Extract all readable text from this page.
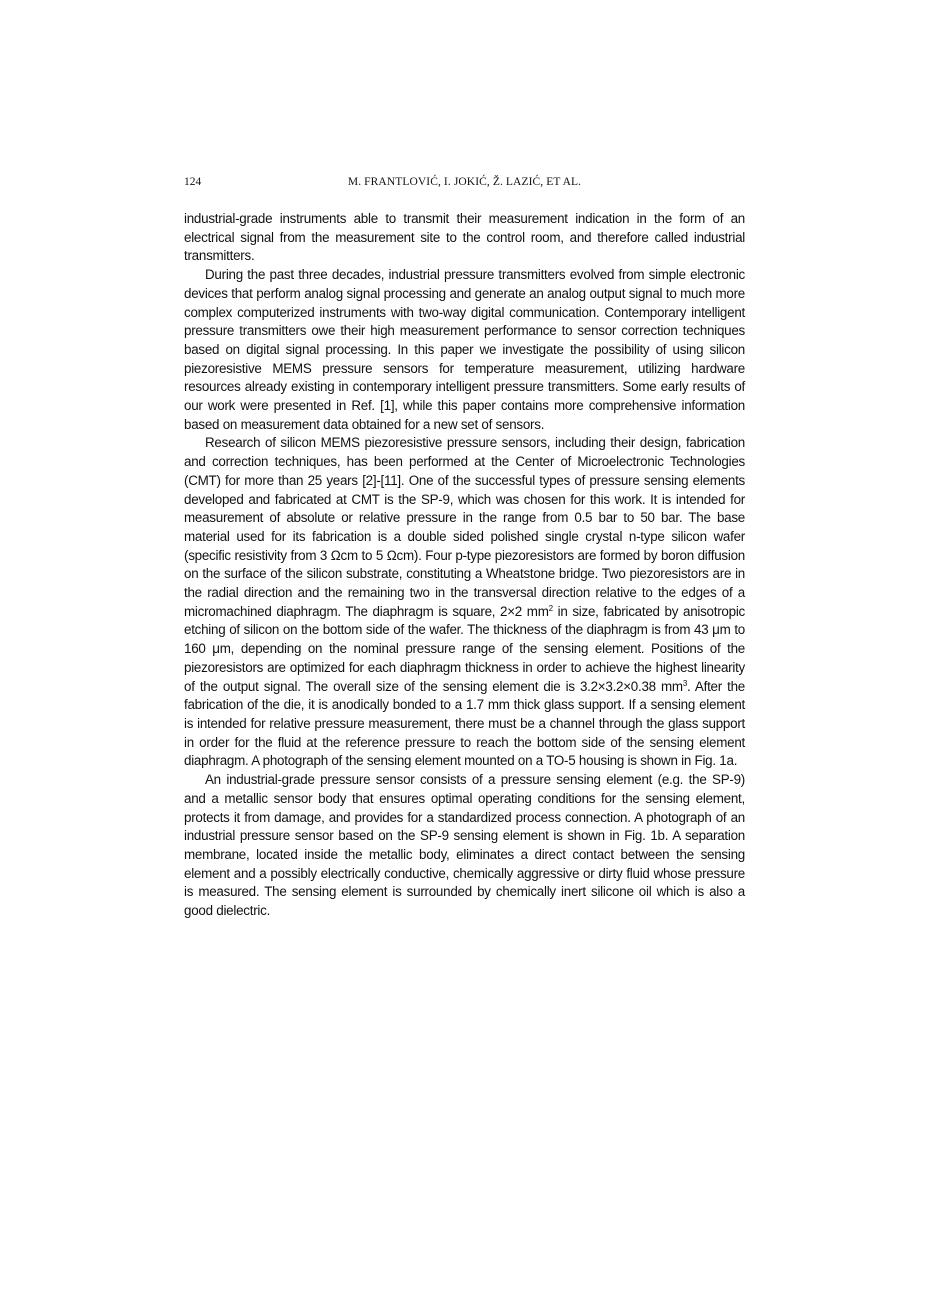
124	M. FRANTLOVIĆ, I. JOKIĆ, Ž. LAZIĆ, ET AL.

industrial-grade instruments able to transmit their measurement indication in the form of an electrical signal from the measurement site to the control room, and therefore called industrial transmitters.

During the past three decades, industrial pressure transmitters evolved from simple electronic devices that perform analog signal processing and generate an analog output signal to much more complex computerized instruments with two-way digital communication. Contemporary intelligent pressure transmitters owe their high measurement performance to sensor correction techniques based on digital signal processing. In this paper we investigate the possibility of using silicon piezoresistive MEMS pressure sensors for temperature measurement, utilizing hardware resources already existing in contemporary intelligent pressure transmitters. Some early results of our work were presented in Ref. [1], while this paper contains more comprehensive information based on measurement data obtained for a new set of sensors.

Research of silicon MEMS piezoresistive pressure sensors, including their design, fabrication and correction techniques, has been performed at the Center of Microelectronic Technologies (CMT) for more than 25 years [2]-[11]. One of the successful types of pressure sensing elements developed and fabricated at CMT is the SP-9, which was chosen for this work. It is intended for measurement of absolute or relative pressure in the range from 0.5 bar to 50 bar. The base material used for its fabrication is a double sided polished single crystal n-type silicon wafer (specific resistivity from 3 Ωcm to 5 Ωcm). Four p-type piezoresistors are formed by boron diffusion on the surface of the silicon substrate, constituting a Wheatstone bridge. Two piezoresistors are in the radial direction and the remaining two in the transversal direction relative to the edges of a micromachined diaphragm. The diaphragm is square, 2×2 $mm^2$ in size, fabricated by anisotropic etching of silicon on the bottom side of the wafer. The thickness of the diaphragm is from 43 μm to 160 μm, depending on the nominal pressure range of the sensing element. Positions of the piezoresistors are optimized for each diaphragm thickness in order to achieve the highest linearity of the output signal. The overall size of the sensing element die is 3.2×3.2×0.38 $mm^3$. After the fabrication of the die, it is anodically bonded to a 1.7 mm thick glass support. If a sensing element is intended for relative pressure measurement, there must be a channel through the glass support in order for the fluid at the reference pressure to reach the bottom side of the sensing element diaphragm. A photograph of the sensing element mounted on a TO-5 housing is shown in Fig. 1a.

An industrial-grade pressure sensor consists of a pressure sensing element (e.g. the SP-9) and a metallic sensor body that ensures optimal operating conditions for the sensing element, protects it from damage, and provides for a standardized process connection. A photograph of an industrial pressure sensor based on the SP-9 sensing element is shown in Fig. 1b. A separation membrane, located inside the metallic body, eliminates a direct contact between the sensing element and a possibly electrically conductive, chemically aggressive or dirty fluid whose pressure is measured. The sensing element is surrounded by chemically inert silicone oil which is also a good dielectric.
